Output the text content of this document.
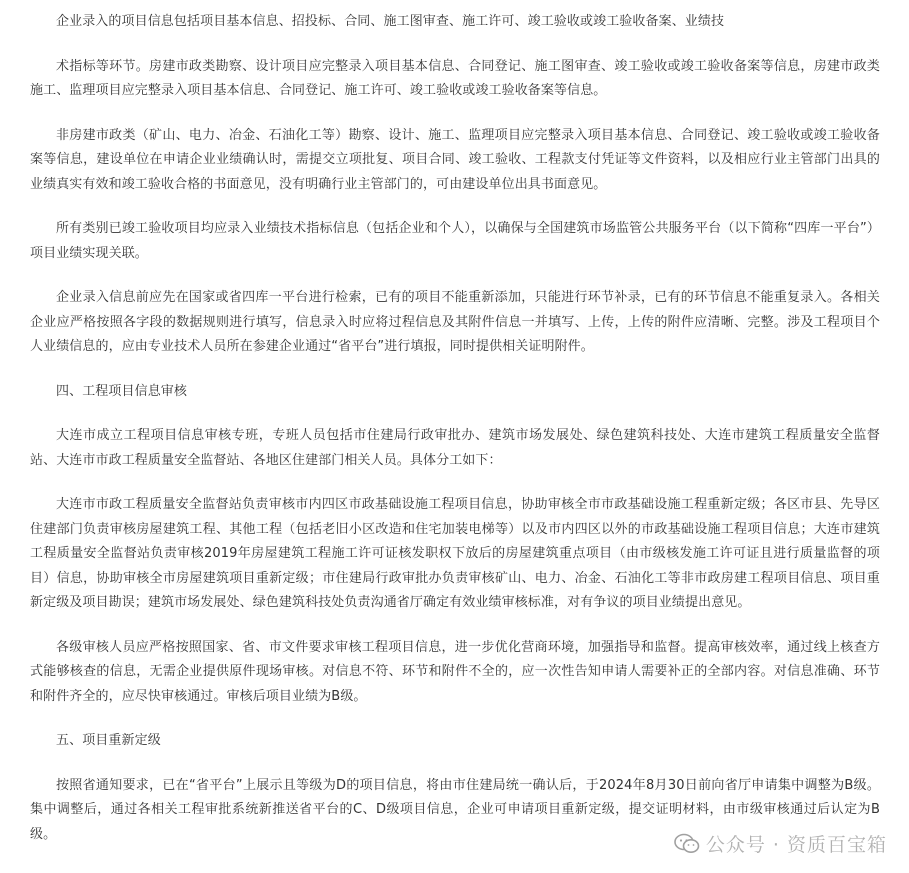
企业录入的项目信息包括项目基本信息、招投标、合同、施工图审查、施工许可、竣工验收或竣工验收备案、业绩技

术指标等环节。房建市政类勘察、设计项目应完整录入项目基本信息、合同登记、施工图审查、竣工验收或竣工验收备案等信息，房建市政类施工、监理项目应完整录入项目基本信息、合同登记、施工许可、竣工验收或竣工验收备案等信息。

非房建市政类（矿山、电力、冶金、石油化工等）勘察、设计、施工、监理项目应完整录入项目基本信息、合同登记、竣工验收或竣工验收备案等信息，建设单位在申请企业业绩确认时，需提交立项批复、项目合同、竣工验收、工程款支付凭证等文件资料，以及相应行业主管部门出具的业绩真实有效和竣工验收合格的书面意见，没有明确行业主管部门的，可由建设单位出具书面意见。

所有类别已竣工验收项目均应录入业绩技术指标信息（包括企业和个人），以确保与全国建筑市场监管公共服务平台（以下简称“四库一平台”）项目业绩实现关联。

企业录入信息前应先在国家或省四库一平台进行检索，已有的项目不能重新添加，只能进行环节补录，已有的环节信息不能重复录入。各相关企业应严格按照各字段的数据规则进行填写，信息录入时应将过程信息及其附件信息一并填写、上传，上传的附件应清晰、完整。涉及工程项目个人业绩信息的，应由专业技术人员所在参建企业通过“省平台”进行填报，同时提供相关证明附件。

四、工程项目信息审核

大连市成立工程项目信息审核专班，专班人员包括市住建局行政审批办、建筑市场发展处、绿色建筑科技处、大连市建筑工程质量安全监督站、大连市市政工程质量安全监督站、各地区住建部门相关人员。具体分工如下：

大连市市政工程质量安全监督站负责审核市内四区市政基础设施工程项目信息，协助审核全市市政基础设施工程重新定级；各区市县、先导区住建部门负责审核房屋建筑工程、其他工程（包括老旧小区改造和住宅加装电梯等）以及市内四区以外的市政基础设施工程项目信息；大连市建筑工程质量安全监督站负责审核2019年房屋建筑工程施工许可证核发职权下放后的房屋建筑重点项目（由市级核发施工许可证且进行质量监督的项目）信息，协助审核全市房屋建筑项目重新定级；市住建局行政审批办负责审核矿山、电力、冶金、石油化工等非市政房建工程项目信息、项目重新定级及项目勘误；建筑市场发展处、绿色建筑科技处负责沟通省厅确定有效业绩审核标准，对有争议的项目业绩提出意见。

各级审核人员应严格按照国家、省、市文件要求审核工程项目信息，进一步优化营商环境，加强指导和监督。提高审核效率，通过线上核查方式能够核查的信息，无需企业提供原件现场审核。对信息不符、环节和附件不全的，应一次性告知申请人需要补正的全部内容。对信息准确、环节和附件齐全的，应尽快审核通过。审核后项目业绩为B级。

五、项目重新定级

按照省通知要求，已在“省平台”上展示且等级为D的项目信息，将由市住建局统一确认后，于2024年8月30日前向省厅申请集中调整为B级。集中调整后，通过各相关工程审批系统新推送省平台的C、D级项目信息，企业可申请项目重新定级，提交证明材料，由市级审核通过后认定为B级。	公众号 · 资质百宝箱
